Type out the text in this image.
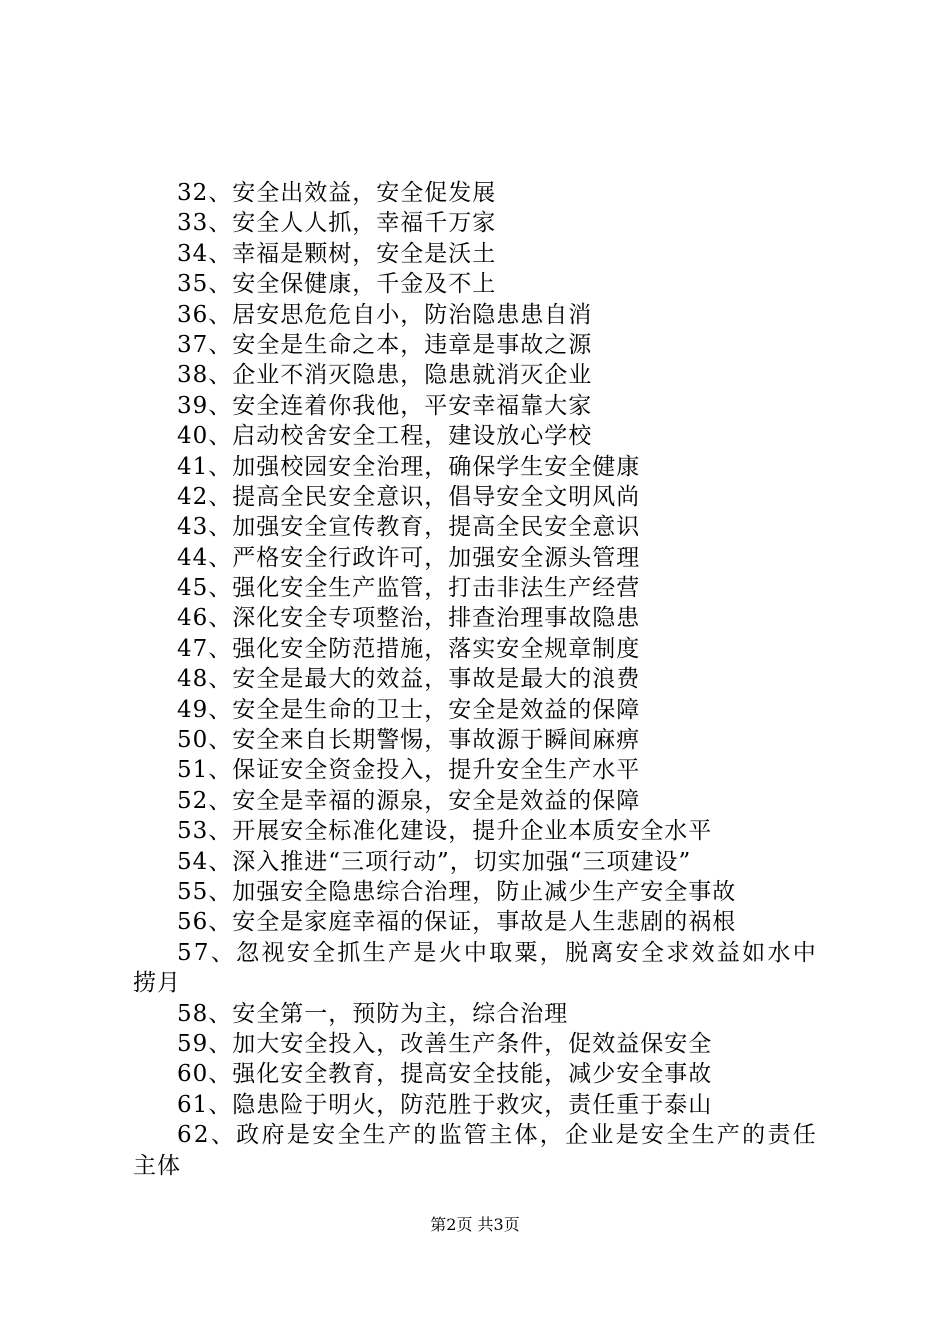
32、安全出效益，安全促发展
33、安全人人抓，幸福千万家
34、幸福是颗树，安全是沃土
35、安全保健康，千金及不上
36、居安思危危自小，防治隐患患自消
37、安全是生命之本，违章是事故之源
38、企业不消灭隐患，隐患就消灭企业
39、安全连着你我他，平安幸福靠大家
40、启动校舍安全工程，建设放心学校
41、加强校园安全治理，确保学生安全健康
42、提高全民安全意识，倡导安全文明风尚
43、加强安全宣传教育，提高全民安全意识
44、严格安全行政许可，加强安全源头管理
45、强化安全生产监管，打击非法生产经营
46、深化安全专项整治，排查治理事故隐患
47、强化安全防范措施，落实安全规章制度
48、安全是最大的效益，事故是最大的浪费
49、安全是生命的卫士，安全是效益的保障
50、安全来自长期警惕，事故源于瞬间麻痹
51、保证安全资金投入，提升安全生产水平
52、安全是幸福的源泉，安全是效益的保障
53、开展安全标准化建设，提升企业本质安全水平
54、深入推进“三项行动”，切实加强“三项建设”
55、加强安全隐患综合治理，防止减少生产安全事故
56、安全是家庭幸福的保证，事故是人生悲剧的祸根
57、忽视安全抓生产是火中取粟，脱离安全求效益如水中
捞月
58、安全第一，预防为主，综合治理
59、加大安全投入，改善生产条件，促效益保安全
60、强化安全教育，提高安全技能，减少安全事故
61、隐患险于明火，防范胜于救灾，责任重于泰山
62、政府是安全生产的监管主体，企业是安全生产的责任
主体
第2页 共3页
